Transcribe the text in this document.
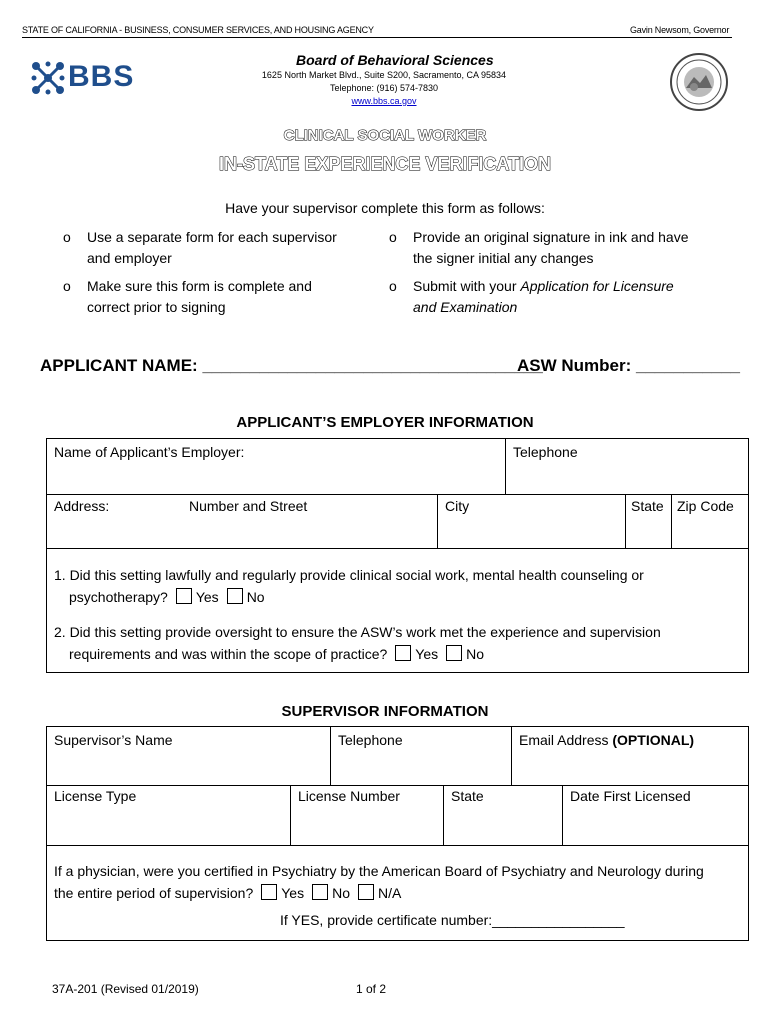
STATE OF CALIFORNIA - BUSINESS, CONSUMER SERVICES, AND HOUSING AGENCY	Gavin Newsom, Governor
BBS	Board of Behavioral Sciences
1625 North Market Blvd., Suite S200, Sacramento, CA 95834
Telephone: (916) 574-7830
www.bbs.ca.gov
CLINICAL SOCIAL WORKER
IN-STATE EXPERIENCE VERIFICATION
Have your supervisor complete this form as follows:
o Use a separate form for each supervisor
and employer
o Provide an original signature in ink and have
the signer initial any changes
o Make sure this form is complete and
correct prior to signing
o Submit with your Application for Licensure
and Examination
APPLICANT NAME: ____________________________________
ASW Number: ___________
APPLICANT’S EMPLOYER INFORMATION
Name of Applicant’s Employer:	Telephone
Address:	Number and Street	City	State Zip Code
1. Did this setting lawfully and regularly provide clinical social work, mental health counseling or
psychotherapy? Yes No
2. Did this setting provide oversight to ensure the ASW’s work met the experience and supervision
requirements and was within the scope of practice? Yes No
SUPERVISOR INFORMATION
Supervisor’s Name	Telephone	Email Address (OPTIONAL)
License Type	License Number	State	Date First Licensed
If a physician, were you certified in Psychiatry by the American Board of Psychiatry and Neurology during
the entire period of supervision? Yes No N/A
If YES, provide certificate number:_________________
37A-201 (Revised 01/2019)	1 of 2
